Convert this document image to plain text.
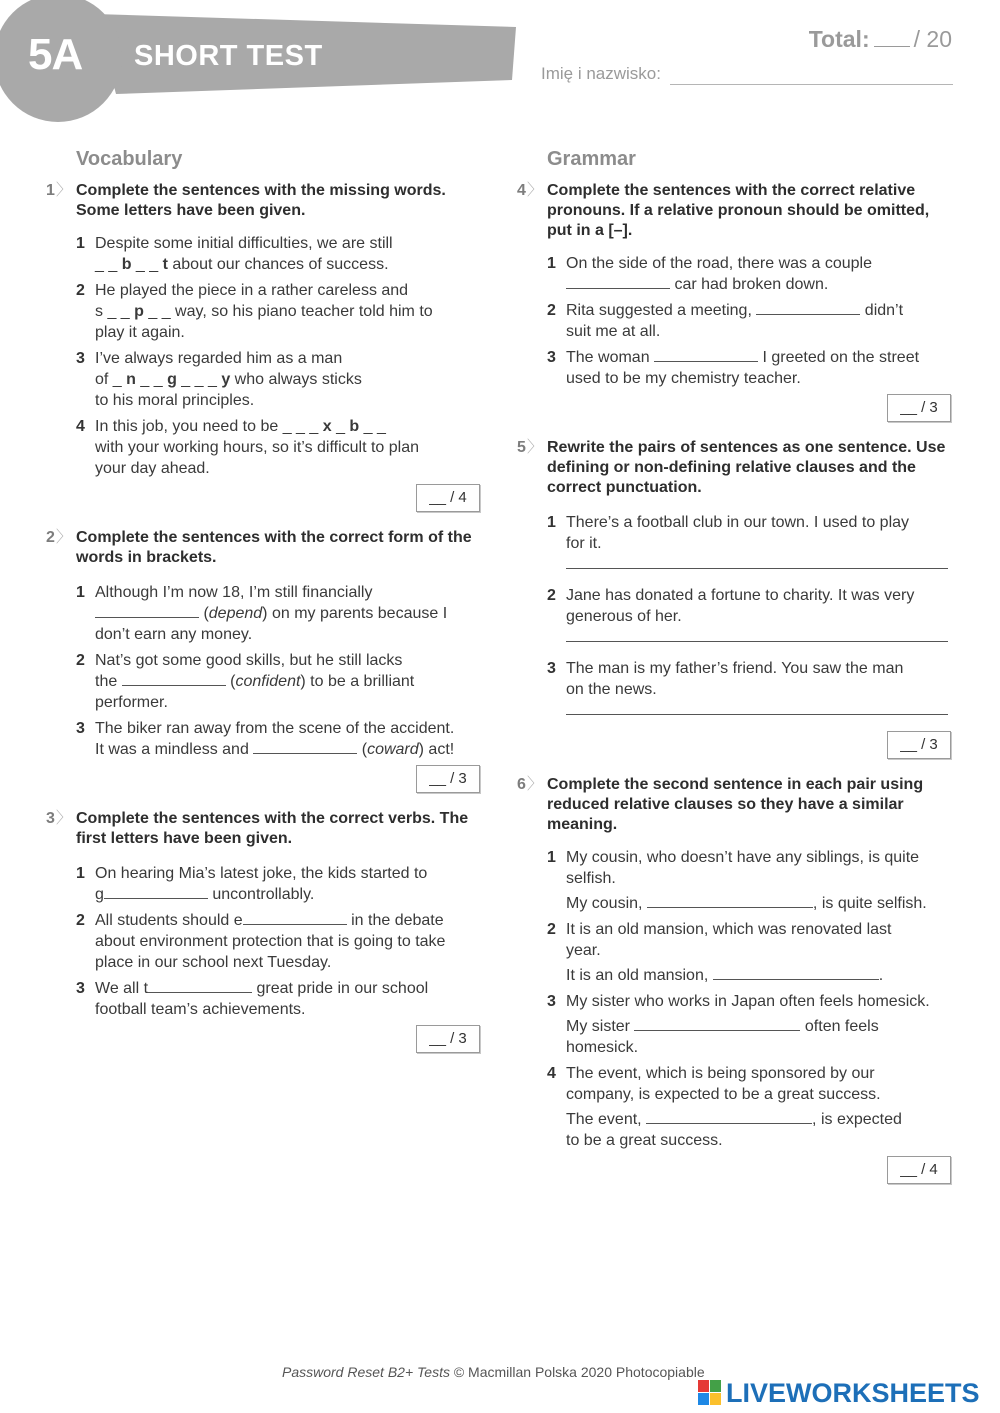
5A SHORT TEST
Total: / 20
Imię i nazwisko:
Vocabulary
1〉 Complete the sentences with the missing words. Some letters have been given.
1 Despite some initial difficulties, we are still
_ _ b _ _ t about our chances of success.
2 He played the piece in a rather careless and
s _ _ p _ _ way, so his piano teacher told him to
play it again.
3 I’ve always regarded him as a man
of _ n _ _ g _ _ _ y who always sticks
to his moral principles.
4 In this job, you need to be _ _ _ x _ b _ _
with your working hours, so it’s difficult to plan
your day ahead.
__ / 4
2〉 Complete the sentences with the correct form of the words in brackets.
1 Although I’m now 18, I’m still financially
(depend) on my parents because I
don’t earn any money.
2 Nat’s got some good skills, but he still lacks
the	(confident) to be a brilliant
performer.
3 The biker ran away from the scene of the accident.
It was a mindless and	(coward) act!
__ / 3
3〉 Complete the sentences with the correct verbs. The first letters have been given.
1 On hearing Mia’s latest joke, the kids started to
g	uncontrollably.
2 All students should e	in the debate
about environment protection that is going to take
place in our school next Tuesday.
3 We all t	great pride in our school
football team’s achievements.
__ / 3
Grammar
4〉 Complete the sentences with the correct relative pronouns. If a relative pronoun should be omitted, put in a [–].
1 On the side of the road, there was a couple
car had broken down.
2 Rita suggested a meeting,	didn’t
suit me at all.
3 The woman	I greeted on the street
used to be my chemistry teacher.
__ / 3
5〉 Rewrite the pairs of sentences as one sentence. Use defining or non-defining relative clauses and the correct punctuation.
1 There’s a football club in our town. I used to play
for it.
2 Jane has donated a fortune to charity. It was very
generous of her.
3 The man is my father’s friend. You saw the man
on the news.
__ / 3
6〉 Complete the second sentence in each pair using reduced relative clauses so they have a similar meaning.
1 My cousin, who doesn’t have any siblings, is quite
selfish.
My cousin,	, is quite selfish.
2 It is an old mansion, which was renovated last
year.
It is an old mansion,	.
3 My sister who works in Japan often feels homesick.
My sister	often feels
homesick.
4 The event, which is being sponsored by our
company, is expected to be a great success.
The event,	, is expected
to be a great success.
__ / 4
Password Reset B2+ Tests © Macmillan Polska 2020 Photocopiable
LIVEWORKSHEETS
